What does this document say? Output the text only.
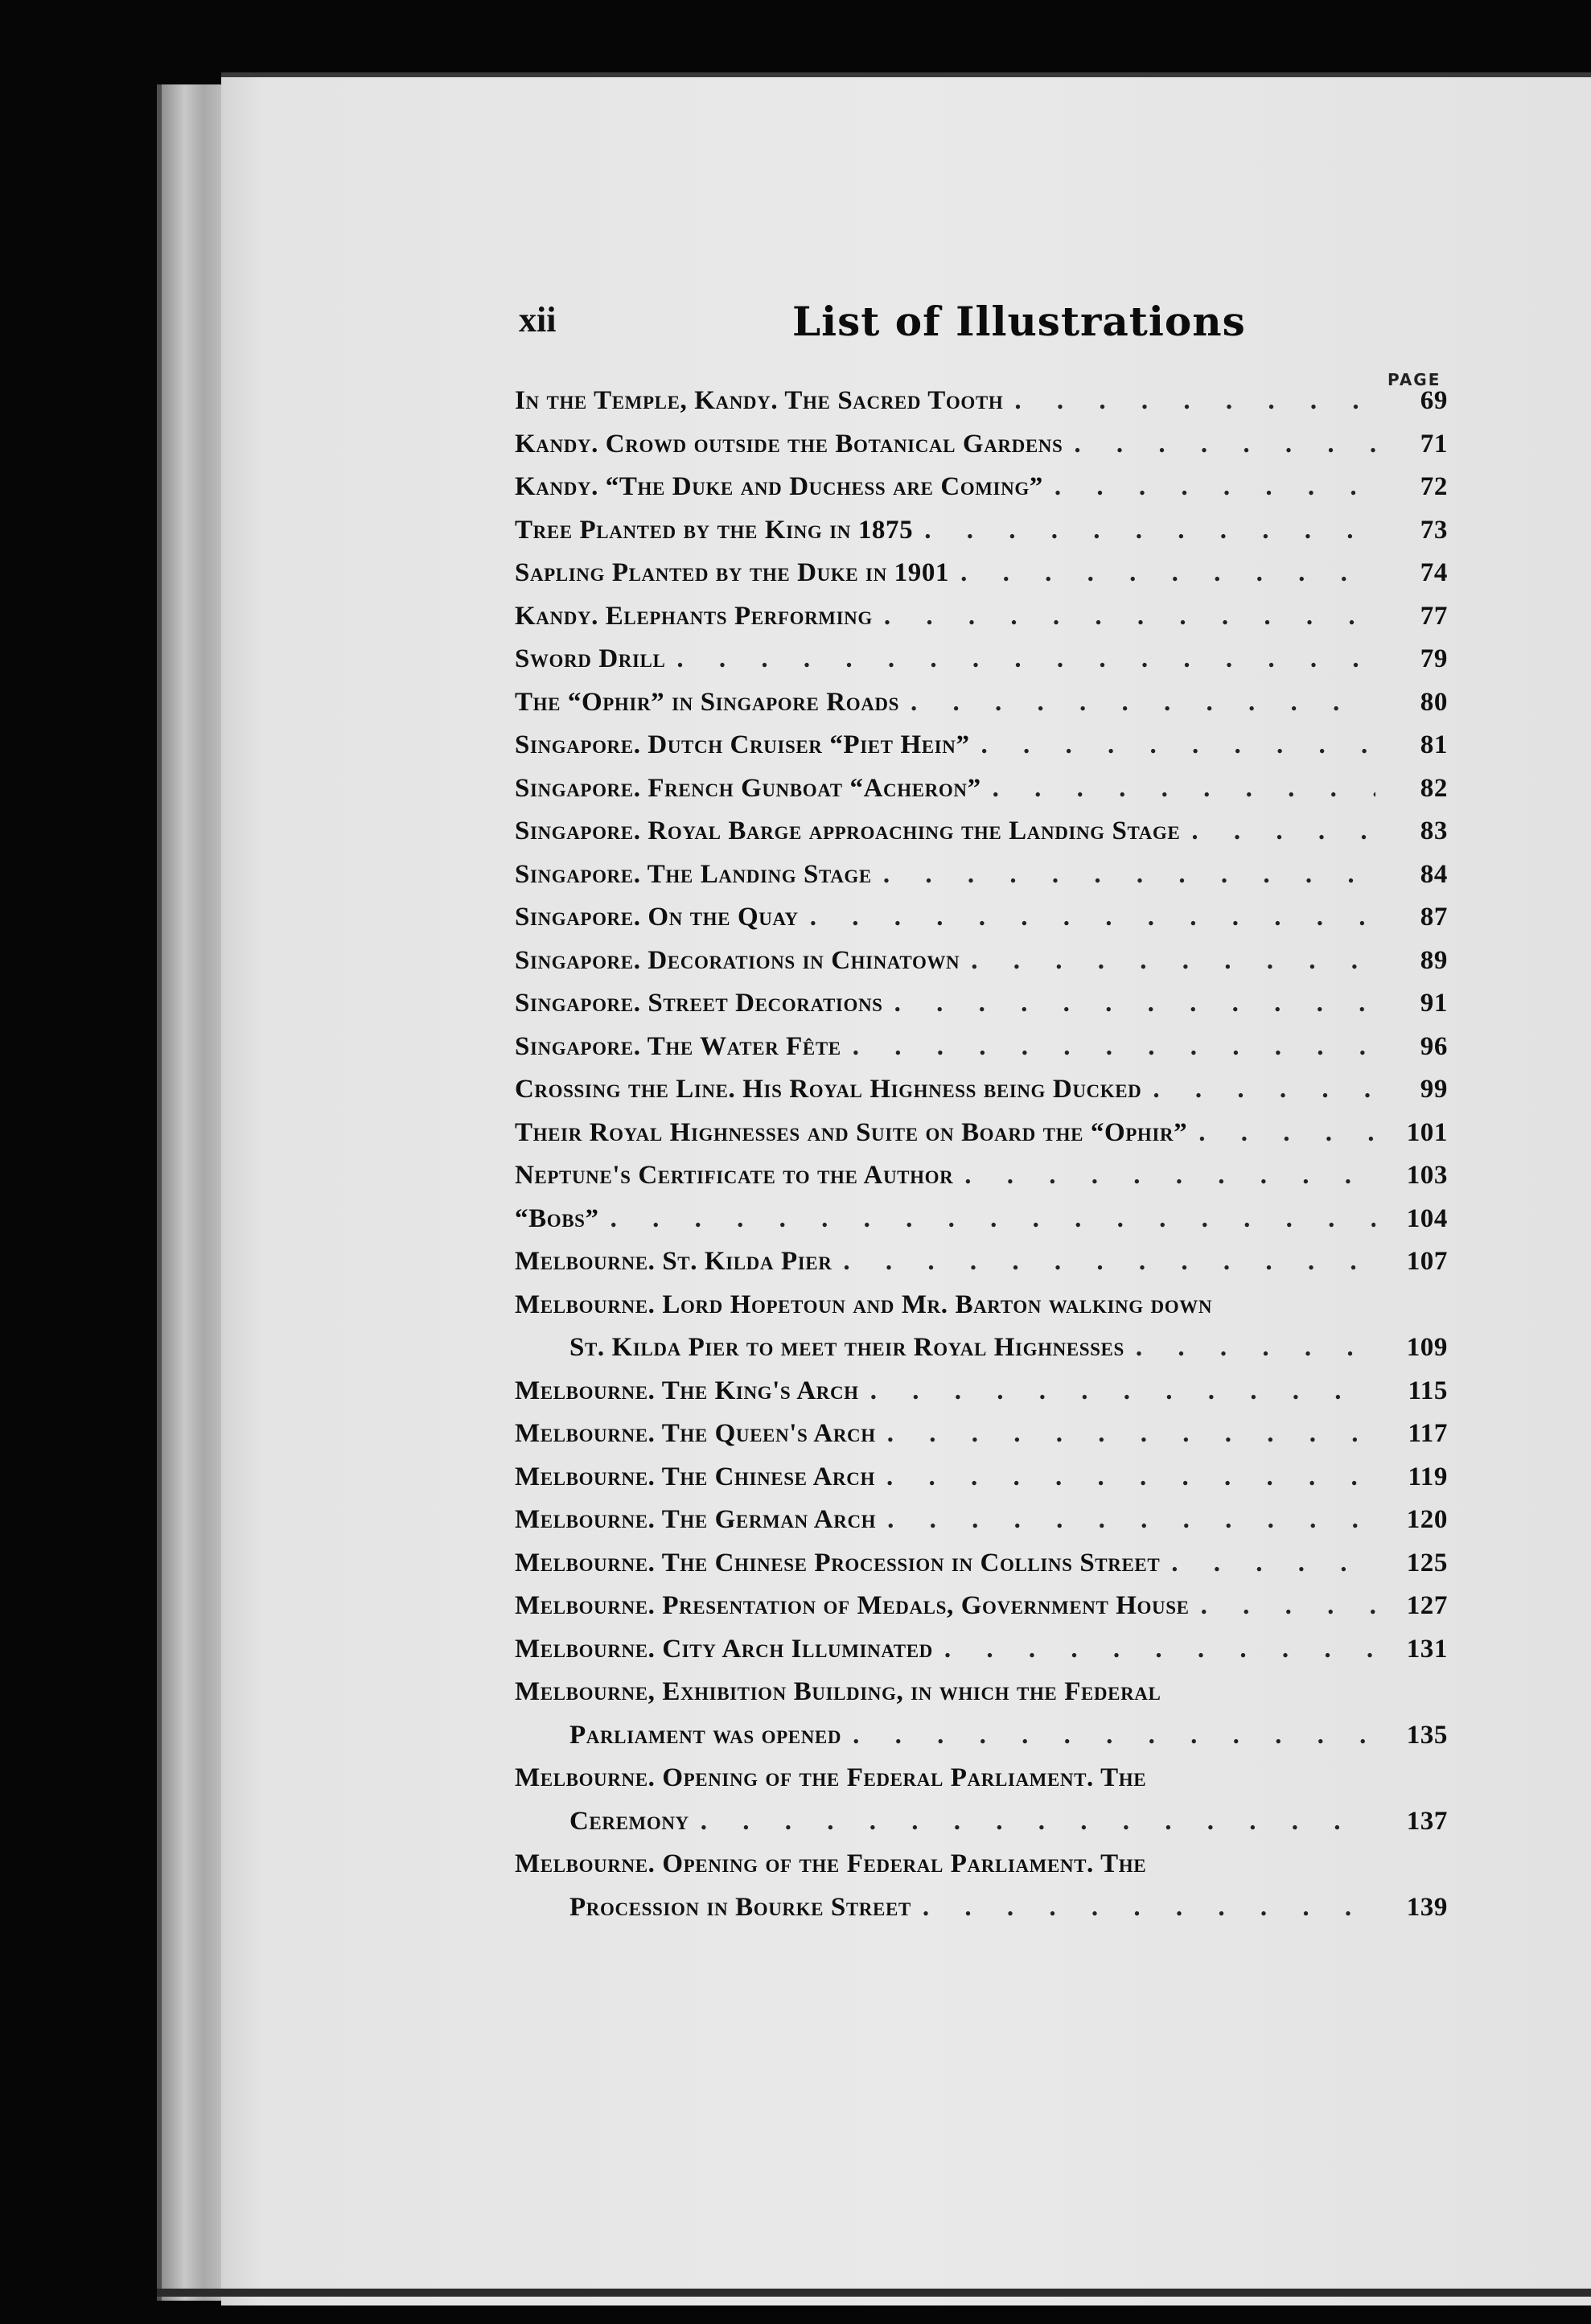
xii	List of Illustrations
PAGE
In the Temple, Kandy. The Sacred Tooth . . .	69
Kandy. Crowd outside the Botanical Gardens . . .	71
Kandy. “The Duke and Duchess are Coming” . . .	72
Tree Planted by the King in 1875 . . .	73
Sapling Planted by the Duke in 1901 . . .	74
Kandy. Elephants Performing . . .	77
Sword Drill . . .	79
The “Ophir” in Singapore Roads . . .	80
Singapore. Dutch Cruiser “Piet Hein” . . .	81
Singapore. French Gunboat “Acheron” . . .	82
Singapore. Royal Barge approaching the Landing Stage . . .	83
Singapore. The Landing Stage . . .	84
Singapore. On the Quay . . .	87
Singapore. Decorations in Chinatown . . .	89
Singapore. Street Decorations . . .	91
Singapore. The Water Fête . . .	96
Crossing the Line. His Royal Highness being Ducked . . .	99
Their Royal Highnesses and Suite on Board the “Ophir” . . .	101
Neptune's Certificate to the Author . . .	103
“Bobs” . . .	104
Melbourne. St. Kilda Pier . . .	107
Melbourne. Lord Hopetoun and Mr. Barton walking down
St. Kilda Pier to meet their Royal Highnesses . . .	109
Melbourne. The King's Arch . . .	115
Melbourne. The Queen's Arch . . .	117
Melbourne. The Chinese Arch . . .	119
Melbourne. The German Arch . . .	120
Melbourne. The Chinese Procession in Collins Street . . .	125
Melbourne. Presentation of Medals, Government House . . .	127
Melbourne. City Arch Illuminated . . .	131
Melbourne, Exhibition Building, in which the Federal
Parliament was opened . . .	135
Melbourne. Opening of the Federal Parliament. The
Ceremony . . .	137
Melbourne. Opening of the Federal Parliament. The
Procession in Bourke Street . . .	139
